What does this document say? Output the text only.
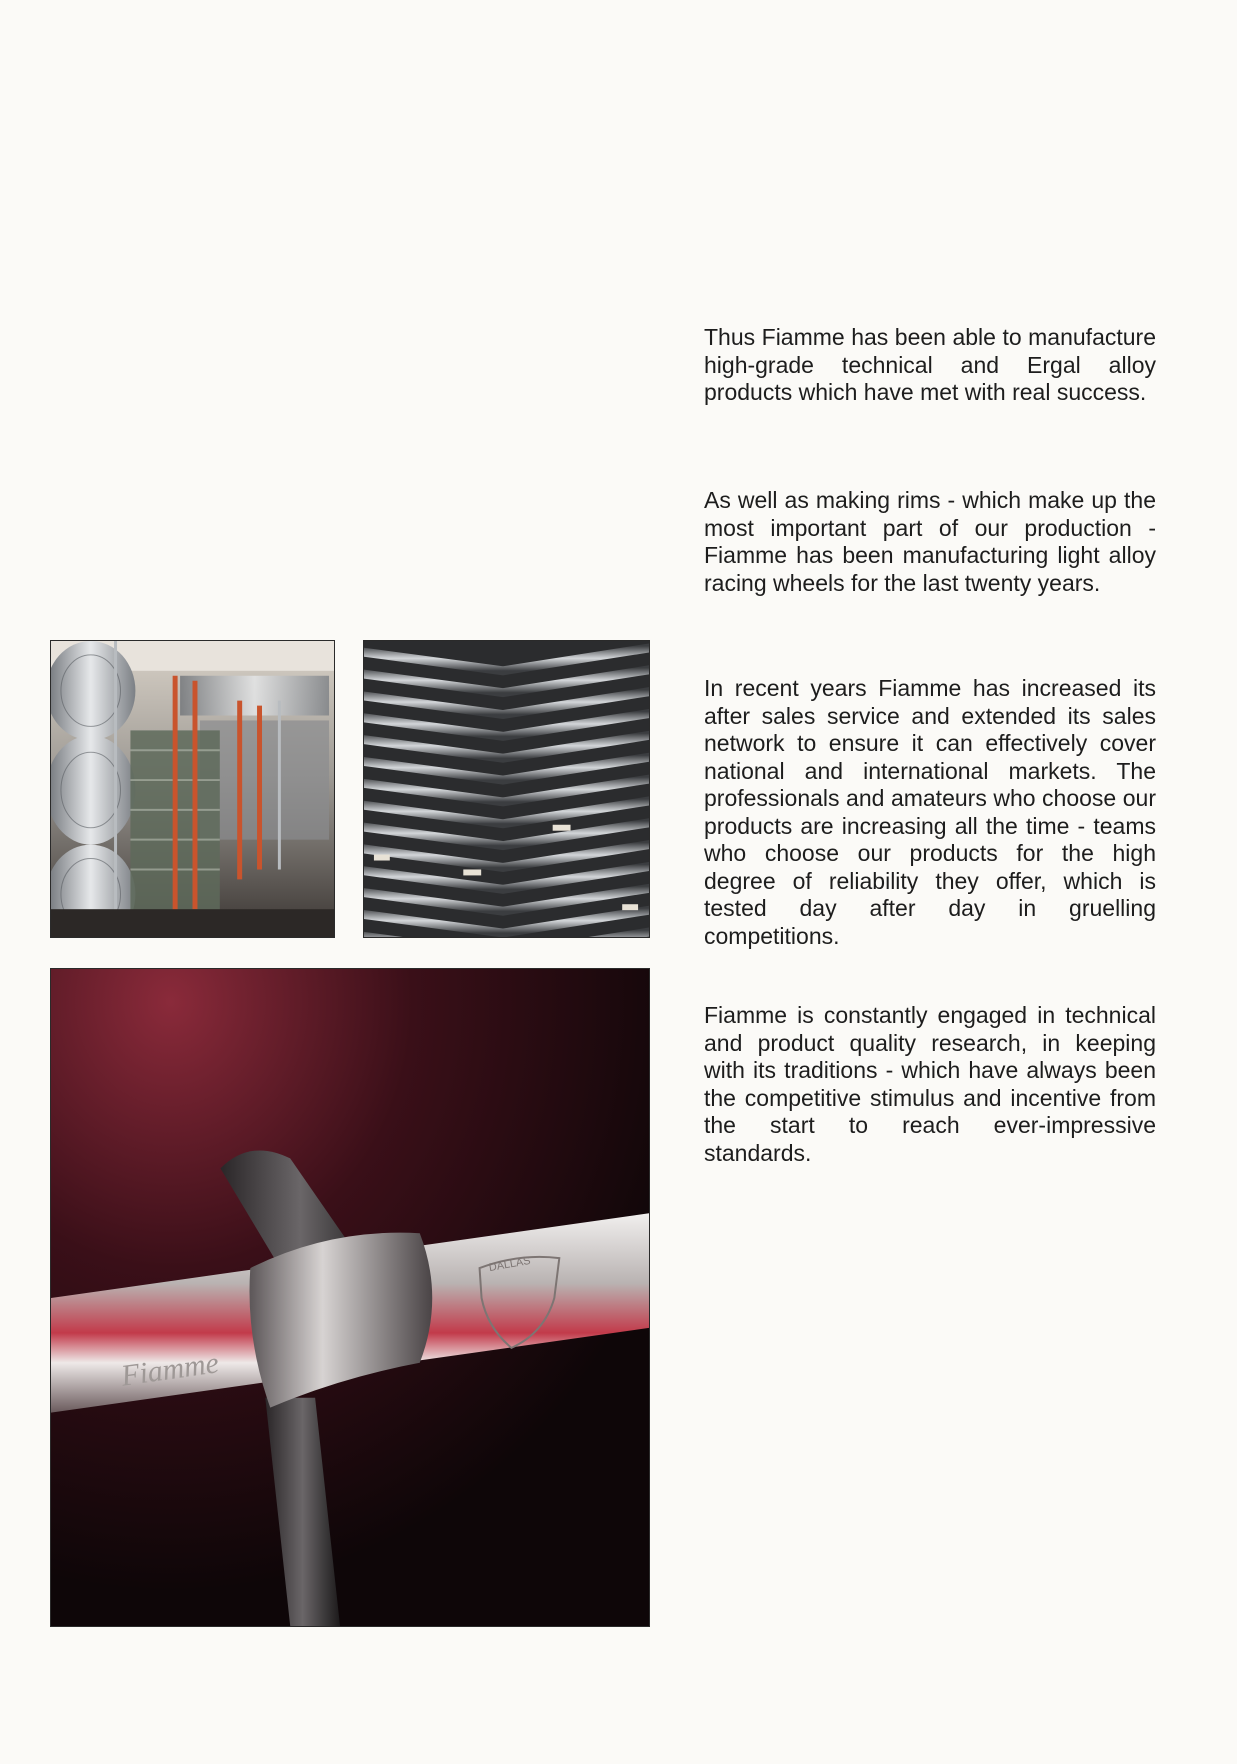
Fiamme
DALLAS

Thus Fiamme has been able to manufacture high-grade technical and Ergal alloy products which have met with real success.

As well as making rims - which make up the most important part of our production - Fiamme has been manufacturing light alloy racing wheels for the last twenty years.

In recent years Fiamme has increased its after sales service and extended its sales network to ensure it can effectively cover national and international markets. The professionals and amateurs who choose our products are increasing all the time - teams who choose our products for the high degree of reliability they offer, which is tested day after day in gruelling competitions.

Fiamme is constantly engaged in technical and product quality research, in keeping with its traditions - which have always been the competitive stimulus and incentive from the start to reach ever-impressive standards.
